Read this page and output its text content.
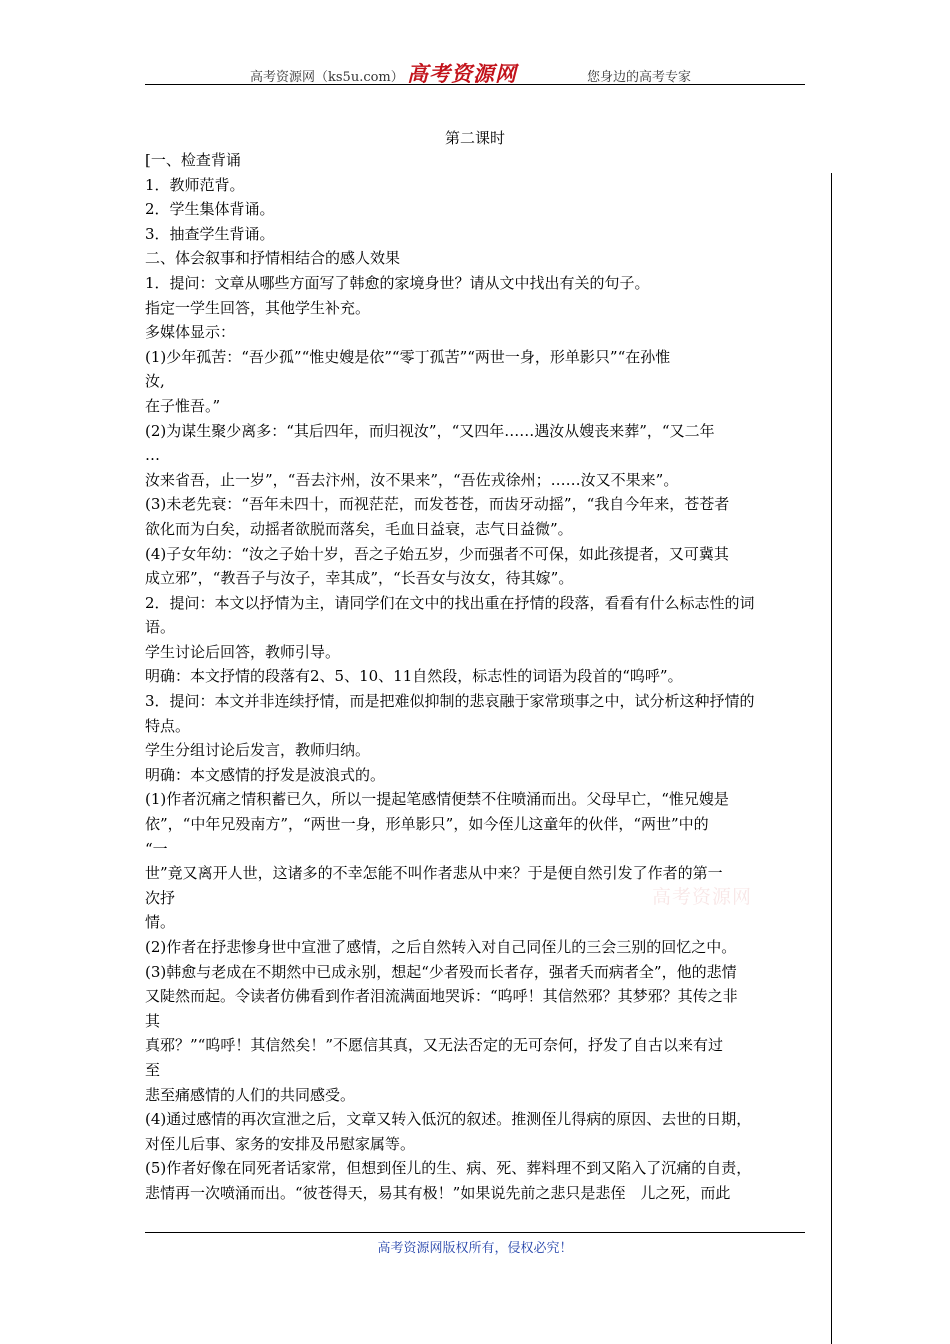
高考资源网（ks5u.com） 高考资源网	您身边的高考专家
高考资源网
第二课时
[一、检查背诵
1．教师范背。
2．学生集体背诵。
3．抽查学生背诵。
二、体会叙事和抒情相结合的感人效果
1．提问：文章从哪些方面写了韩愈的家境身世？请从文中找出有关的句子。
指定一学生回答，其他学生补充。
多媒体显示：
(1)少年孤苦：“吾少孤”“惟史嫂是依”“零丁孤苦”“两世一身，形单影只”“在孙惟
汝,
在子惟吾。”
(2)为谋生聚少离多：“其后四年，而归视汝”，“又四年……遇汝从嫂丧来葬”，“又二年
…
汝来省吾，止一岁”，“吾去汴州，汝不果来”，“吾佐戎徐州；……汝又不果来”。
(3)未老先衰：“吾年未四十，而视茫茫，而发苍苍，而齿牙动摇”，“我自今年来，苍苍者
欲化而为白矣，动摇者欲脱而落矣，毛血日益衰，志气日益微”。
(4)子女年幼：“汝之子始十岁，吾之子始五岁，少而强者不可保，如此孩提者，又可冀其
成立邪”，“教吾子与汝子，幸其成”，“长吾女与汝女，待其嫁”。
2．提问：本文以抒情为主，请同学们在文中的找出重在抒情的段落，看看有什么标志性的词
语。
学生讨论后回答，教师引导。
明确：本文抒情的段落有2、5、10、11自然段，标志性的词语为段首的“呜呼”。
3．提问：本文并非连续抒情，而是把难似抑制的悲哀融于家常琐事之中，试分析这种抒情的
特点。
学生分组讨论后发言，教师归纳。
明确：本文感情的抒发是波浪式的。
(1)作者沉痛之情积蓄已久，所以一提起笔感情便禁不住喷涌而出。父母早亡，“惟兄嫂是
依”，“中年兄殁南方”，“两世一身，形单影只”，如今侄儿这童年的伙伴，“两世”中的
“一
世”竟又离开人世，这诸多的不幸怎能不叫作者悲从中来？于是便自然引发了作者的第一
次抒
情。
(2)作者在抒悲惨身世中宣泄了感情，之后自然转入对自己同侄儿的三会三别的回忆之中。
(3)韩愈与老成在不期然中已成永别，想起“少者殁而长者存，强者夭而病者全”，他的悲情
又陡然而起。令读者仿佛看到作者泪流满面地哭诉：“呜呼！其信然邪？其梦邪？其传之非
其
真邪？”“呜呼！其信然矣！”不愿信其真，又无法否定的无可奈何，抒发了自古以来有过
至
悲至痛感情的人们的共同感受。
(4)通过感情的再次宣泄之后，文章又转入低沉的叙述。推测侄儿得病的原因、去世的日期，
对侄儿后事、家务的安排及吊慰家属等。
(5)作者好像在同死者话家常，但想到侄儿的生、病、死、葬料理不到又陷入了沉痛的自责，
悲情再一次喷涌而出。“彼苍得天，易其有极！”如果说先前之悲只是悲侄　儿之死，而此
高考资源网版权所有，侵权必究！
